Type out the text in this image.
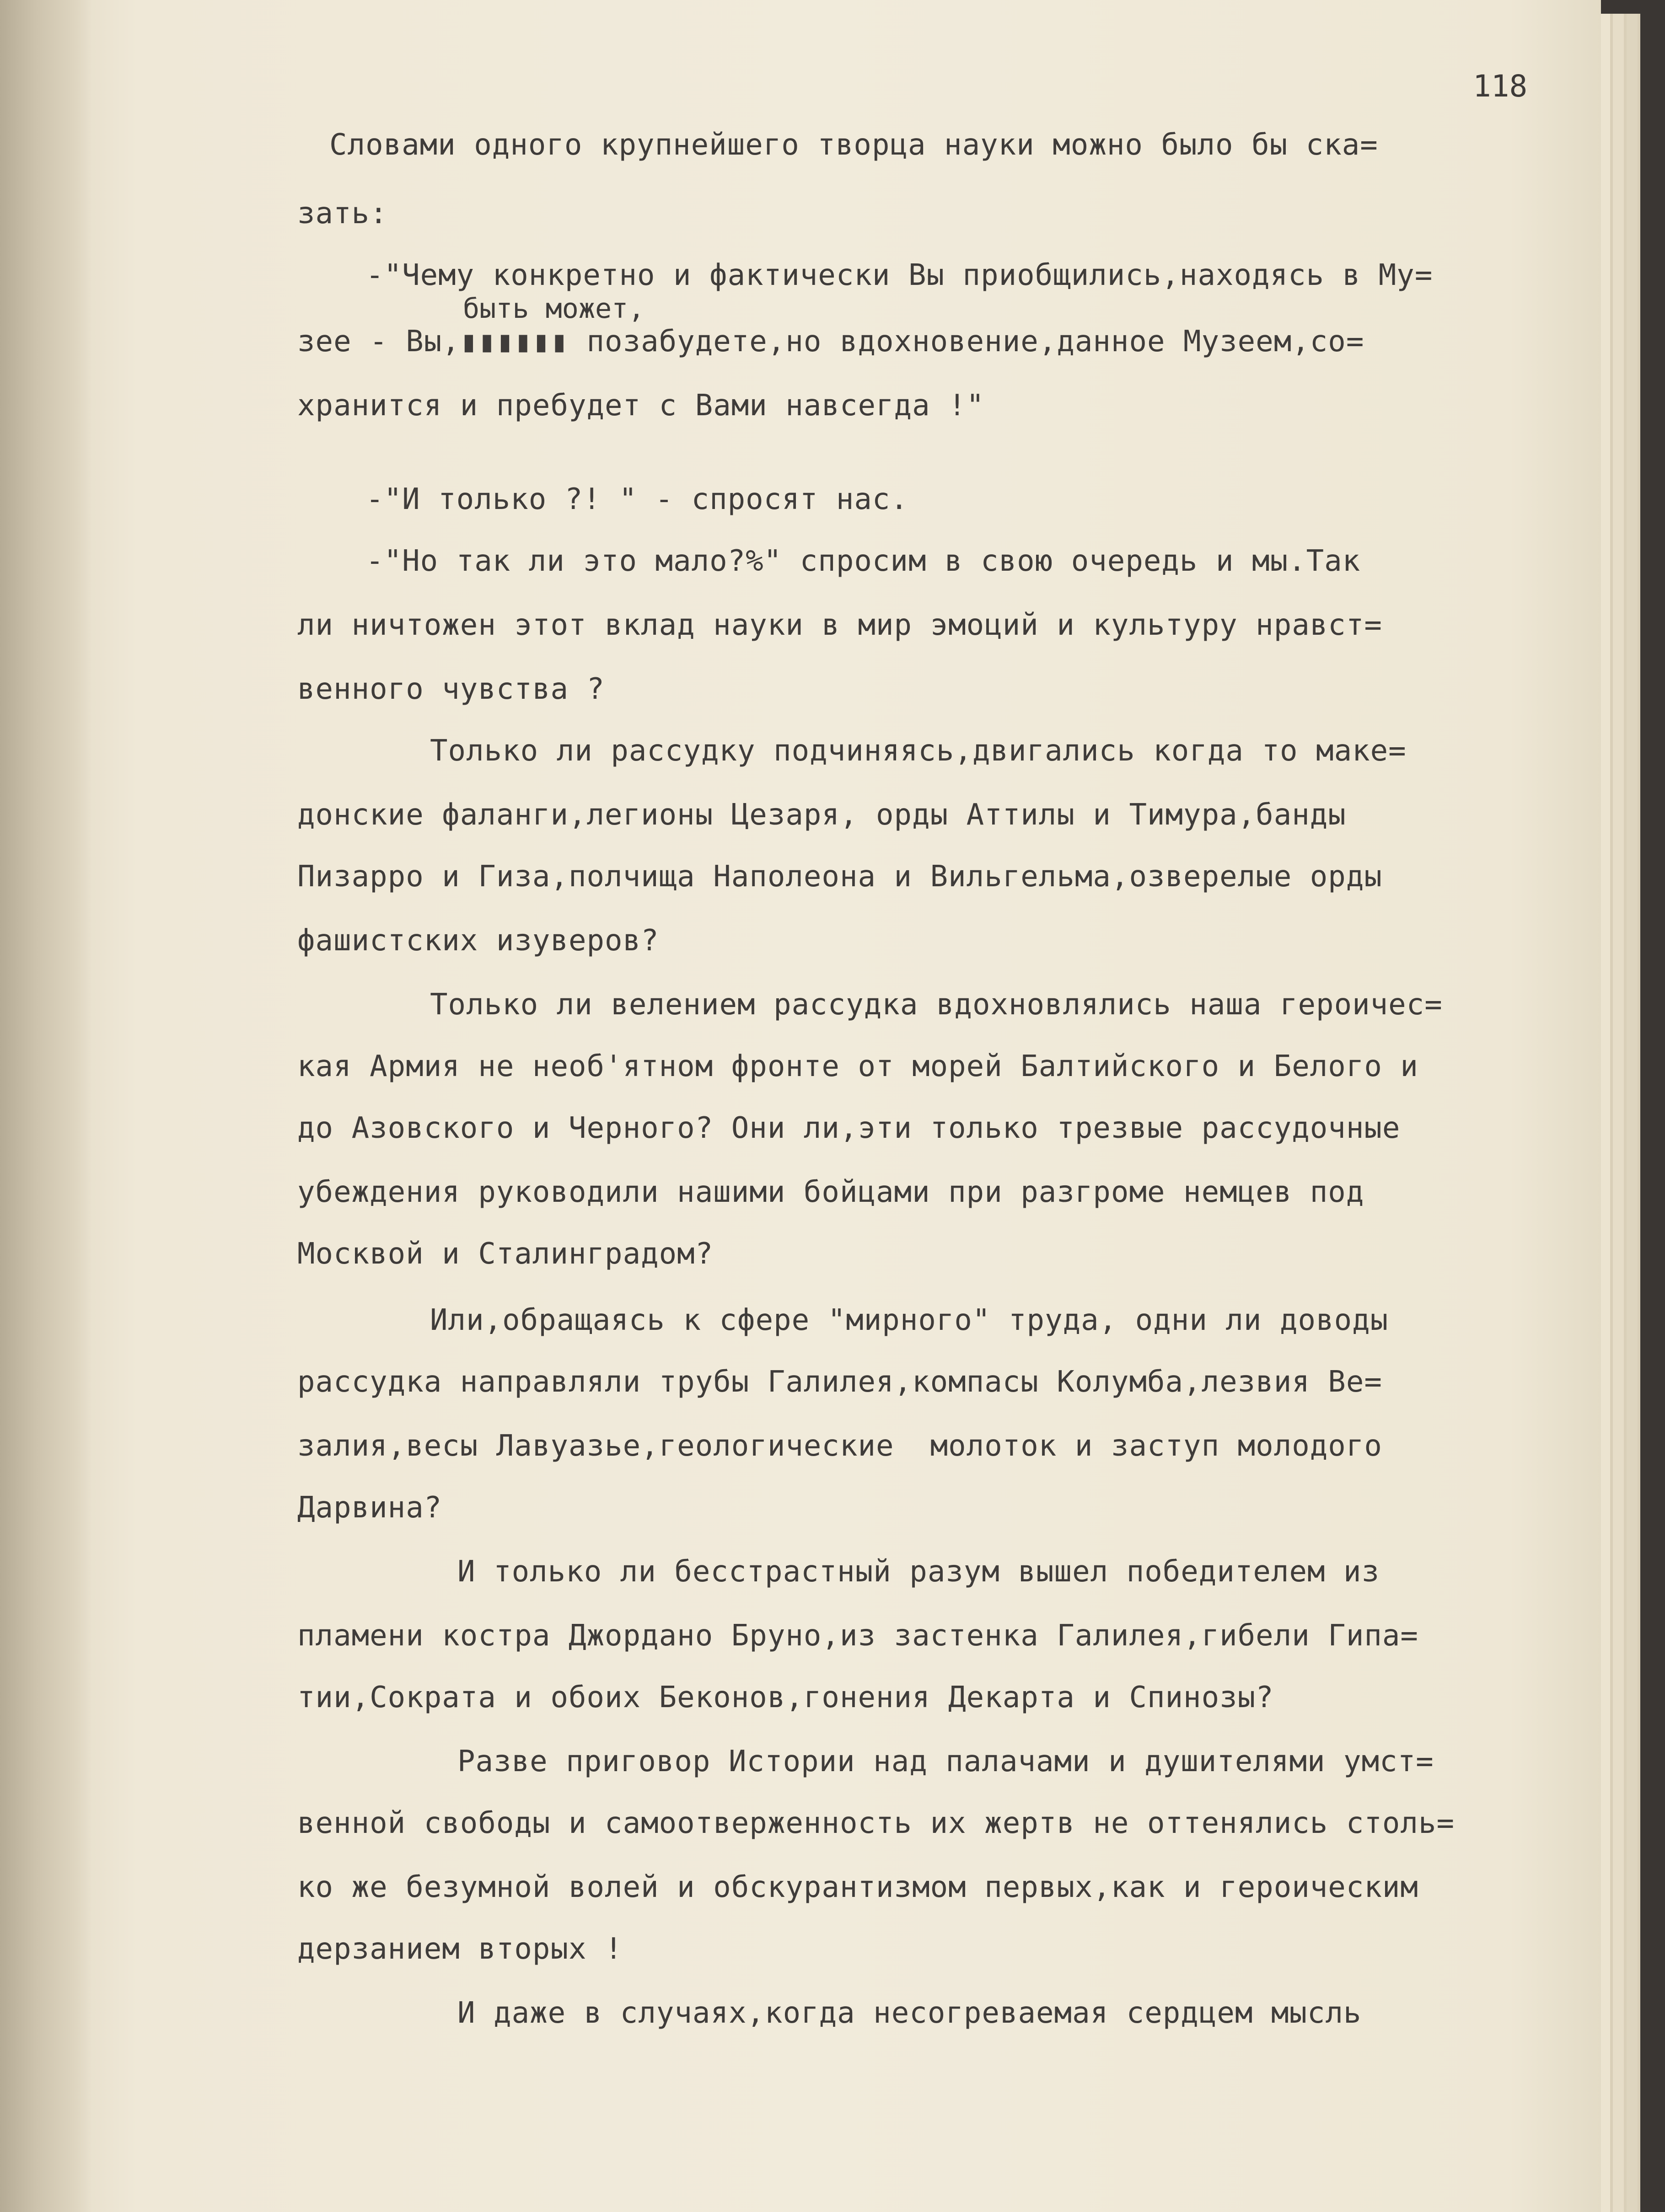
118
быть может,
Словами одного крупнейшего творца науки можно было бы ска=
зать:
-"Чему конкретно и фактически Вы приобщились,находясь в Му=
зее - Вы,▮▮▮▮▮▮ позабудете,но вдохновение,данное Музеем,со=
хранится и пребудет с Вами навсегда !"
-"И только ?! " - спросят нас.
-"Но так ли это мало?%" спросим в свою очередь и мы.Так
ли ничтожен этот вклад науки в мир эмоций и культуру нравст=
венного чувства ?
Только ли рассудку подчиняясь,двигались когда то маке=
донские фаланги,легионы Цезаря, орды Аттилы и Тимура,банды
Пизарро и Гиза,полчища Наполеона и Вильгельма,озверелые орды
фашистских изуверов?
Только ли велением рассудка вдохновлялись наша героичес=
кая Армия не необ'ятном фронте от морей Балтийского и Белого и
до Азовского и Черного? Они ли,эти только трезвые рассудочные
убеждения руководили нашими бойцами при разгроме немцев под
Москвой и Сталинградом?
Или,обращаясь к сфере "мирного" труда, одни ли доводы
рассудка направляли трубы Галилея,компасы Колумба,лезвия Ве=
залия,весы Лавуазье,геологические  молоток и заступ молодого
Дарвина?
И только ли бесстрастный разум вышел победителем из
пламени костра Джордано Бруно,из застенка Галилея,гибели Гипа=
тии,Сократа и обоих Беконов,гонения Декарта и Спинозы?
Разве приговор Истории над палачами и душителями умст=
венной свободы и самоотверженность их жертв не оттенялись столь=
ко же безумной волей и обскурантизмом первых,как и героическим
дерзанием вторых !
И даже в случаях,когда несогреваемая сердцем мысль
